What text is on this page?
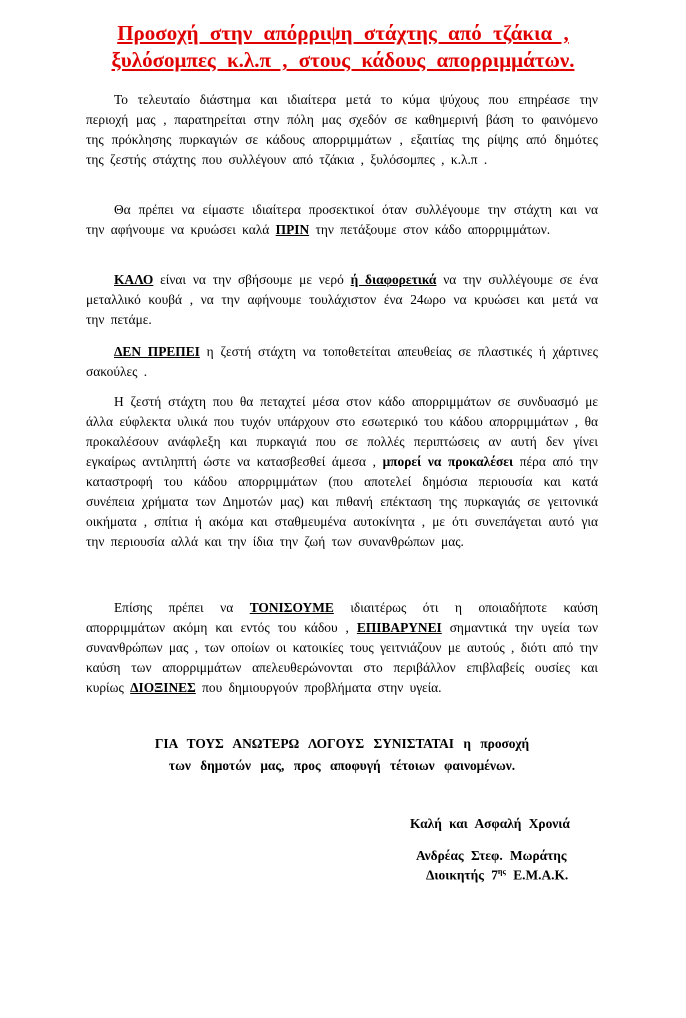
Προσοχή στην απόρριψη στάχτης από τζάκια ,
ξυλόσομπες κ.λ.π , στους κάδους απορριμμάτων.

Το τελευταίο διάστημα και ιδιαίτερα μετά το κύμα ψύχους που επηρέασε την περιοχή μας , παρατηρείται στην πόλη μας σχεδόν σε καθημερινή βάση το φαινόμενο της πρόκλησης πυρκαγιών σε κάδους απορριμμάτων , εξαιτίας της ρίψης από δημότες της ζεστής στάχτης που συλλέγουν από τζάκια , ξυλόσομπες , κ.λ.π .

Θα πρέπει να είμαστε ιδιαίτερα προσεκτικοί όταν συλλέγουμε την στάχτη και να την αφήνουμε να κρυώσει καλά ΠΡΙΝ την πετάξουμε στον κάδο απορριμμάτων.

ΚΑΛΟ είναι να την σβήσουμε με νερό ή διαφορετικά να την συλλέγουμε σε ένα μεταλλικό κουβά , να την αφήνουμε τουλάχιστον ένα 24ωρο να κρυώσει και μετά να την πετάμε.

ΔΕΝ ΠΡΕΠΕΙ η ζεστή στάχτη να τοποθετείται απευθείας σε πλαστικές ή χάρτινες σακούλες .

Η ζεστή στάχτη που θα πεταχτεί μέσα στον κάδο απορριμμάτων σε συνδυασμό με άλλα εύφλεκτα υλικά που τυχόν υπάρχουν στο εσωτερικό του κάδου απορριμμάτων , θα προκαλέσουν ανάφλεξη και πυρκαγιά που σε πολλές περιπτώσεις αν αυτή δεν γίνει εγκαίρως αντιληπτή ώστε να κατασβεσθεί άμεσα , μπορεί να προκαλέσει πέρα από την καταστροφή του κάδου απορριμμάτων (που αποτελεί δημόσια περιουσία και κατά συνέπεια χρήματα των Δημοτών μας) και πιθανή επέκταση της πυρκαγιάς σε γειτονικά οικήματα , σπίτια ή ακόμα και σταθμευμένα αυτοκίνητα , με ότι συνεπάγεται αυτό για την περιουσία αλλά και την ίδια την ζωή των συνανθρώπων μας.

Επίσης πρέπει να ΤΟΝΙΣΟΥΜΕ ιδιαιτέρως ότι η οποιαδήποτε καύση απορριμμάτων ακόμη και εντός του κάδου , ΕΠΙΒΑΡΥΝΕΙ σημαντικά την υγεία των συνανθρώπων μας , των οποίων οι κατοικίες τους γειτνιάζουν με αυτούς , διότι από την καύση των απορριμμάτων απελευθερώνονται στο περιβάλλον επιβλαβείς ουσίες και κυρίως ΔΙΟΞΙΝΕΣ που δημιουργούν προβλήματα στην υγεία.

ΓΙΑ ΤΟΥΣ ΑΝΩΤΕΡΩ ΛΟΓΟΥΣ ΣΥΝΙΣΤΑΤΑΙ η προσοχή
των δημοτών μας, προς αποφυγή τέτοιων φαινομένων.
Καλή και Ασφαλή Χρονιά
Ανδρέας Στεφ. Μωράτης
Διοικητής $7^{\eta\varsigma}$ Ε.Μ.Α.Κ.
